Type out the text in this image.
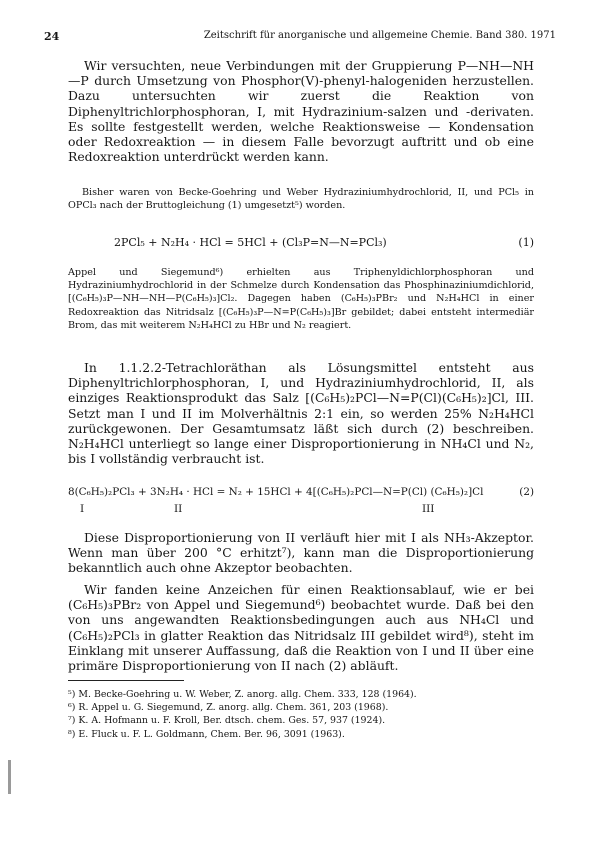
24	Zeitschrift für anorganische und allgemeine Chemie. Band 380. 1971

Wir versuchten, neue Verbindungen mit der Gruppierung P—NH—NH—P durch Umsetzung von Phosphor(V)-phenyl-halogeniden herzustellen. Dazu untersuchten wir zuerst die Reaktion von Diphenyltrichlorphosphoran, I, mit Hydrazinium-salzen und -derivaten. Es sollte festgestellt werden, welche Reaktionsweise — Kondensation oder Redoxreaktion — in diesem Falle bevorzugt auftritt und ob eine Redoxreaktion unterdrückt werden kann.

Bisher waren von Becke-Goehring und Weber Hydraziniumhydrochlorid, II, und PCl₅ in OPCl₃ nach der Bruttogleichung (1) umgesetzt⁵) worden.

2PCl₅ + N₂H₄ · HCl = 5HCl + (Cl₃P=N—N=PCl₃)	(1)

Appel und Siegemund⁶) erhielten aus Triphenyldichlorphosphoran und Hydraziniumhydrochlorid in der Schmelze durch Kondensation das Phosphinaziniumdichlorid, [(C₆H₅)₃P—NH—NH—P(C₆H₅)₃]Cl₂. Dagegen haben (C₆H₅)₃PBr₂ und N₂H₄HCl in einer Redoxreaktion das Nitridsalz [(C₆H₅)₃P—N=P(C₆H₅)₃]Br gebildet; dabei entsteht intermediär Brom, das mit weiterem N₂H₄HCl zu HBr und N₂ reagiert.

In 1.1.2.2-Tetrachloräthan als Lösungsmittel entsteht aus Diphenyltrichlorphosphoran, I, und Hydraziniumhydrochlorid, II, als einziges Reaktionsprodukt das Salz [(C₆H₅)₂PCl—N=P(Cl)(C₆H₅)₂]Cl, III. Setzt man I und II im Molverhältnis 2:1 ein, so werden 25% N₂H₄HCl zurückgewonen. Der Gesamtumsatz läßt sich durch (2) beschreiben. N₂H₄HCl unterliegt so lange einer Disproportionierung in NH₄Cl und N₂, bis I vollständig verbraucht ist.

8(C₆H₅)₂PCl₃ + 3N₂H₄ · HCl = N₂ + 15HCl + 4[(C₆H₅)₂PCl—N=P(Cl) (C₆H₅)₂]Cl	(2)
I	II	III

Diese Disproportionierung von II verläuft hier mit I als NH₃-Akzeptor. Wenn man über 200 °C erhitzt⁷), kann man die Disproportionierung bekanntlich auch ohne Akzeptor beobachten.

Wir fanden keine Anzeichen für einen Reaktionsablauf, wie er bei (C₆H₅)₃PBr₂ von Appel und Siegemund⁶) beobachtet wurde. Daß bei den von uns angewandten Reaktionsbedingungen auch aus NH₄Cl und (C₆H₅)₂PCl₃ in glatter Reaktion das Nitridsalz III gebildet wird⁸), steht im Einklang mit unserer Auffassung, daß die Reaktion von I und II über eine primäre Disproportionierung von II nach (2) abläuft.

⁵) M. Becke-Goehring u. W. Weber, Z. anorg. allg. Chem. 333, 128 (1964).
⁶) R. Appel u. G. Siegemund, Z. anorg. allg. Chem. 361, 203 (1968).
⁷) K. A. Hofmann u. F. Kroll, Ber. dtsch. chem. Ges. 57, 937 (1924).
⁸) E. Fluck u. F. L. Goldmann, Chem. Ber. 96, 3091 (1963).
